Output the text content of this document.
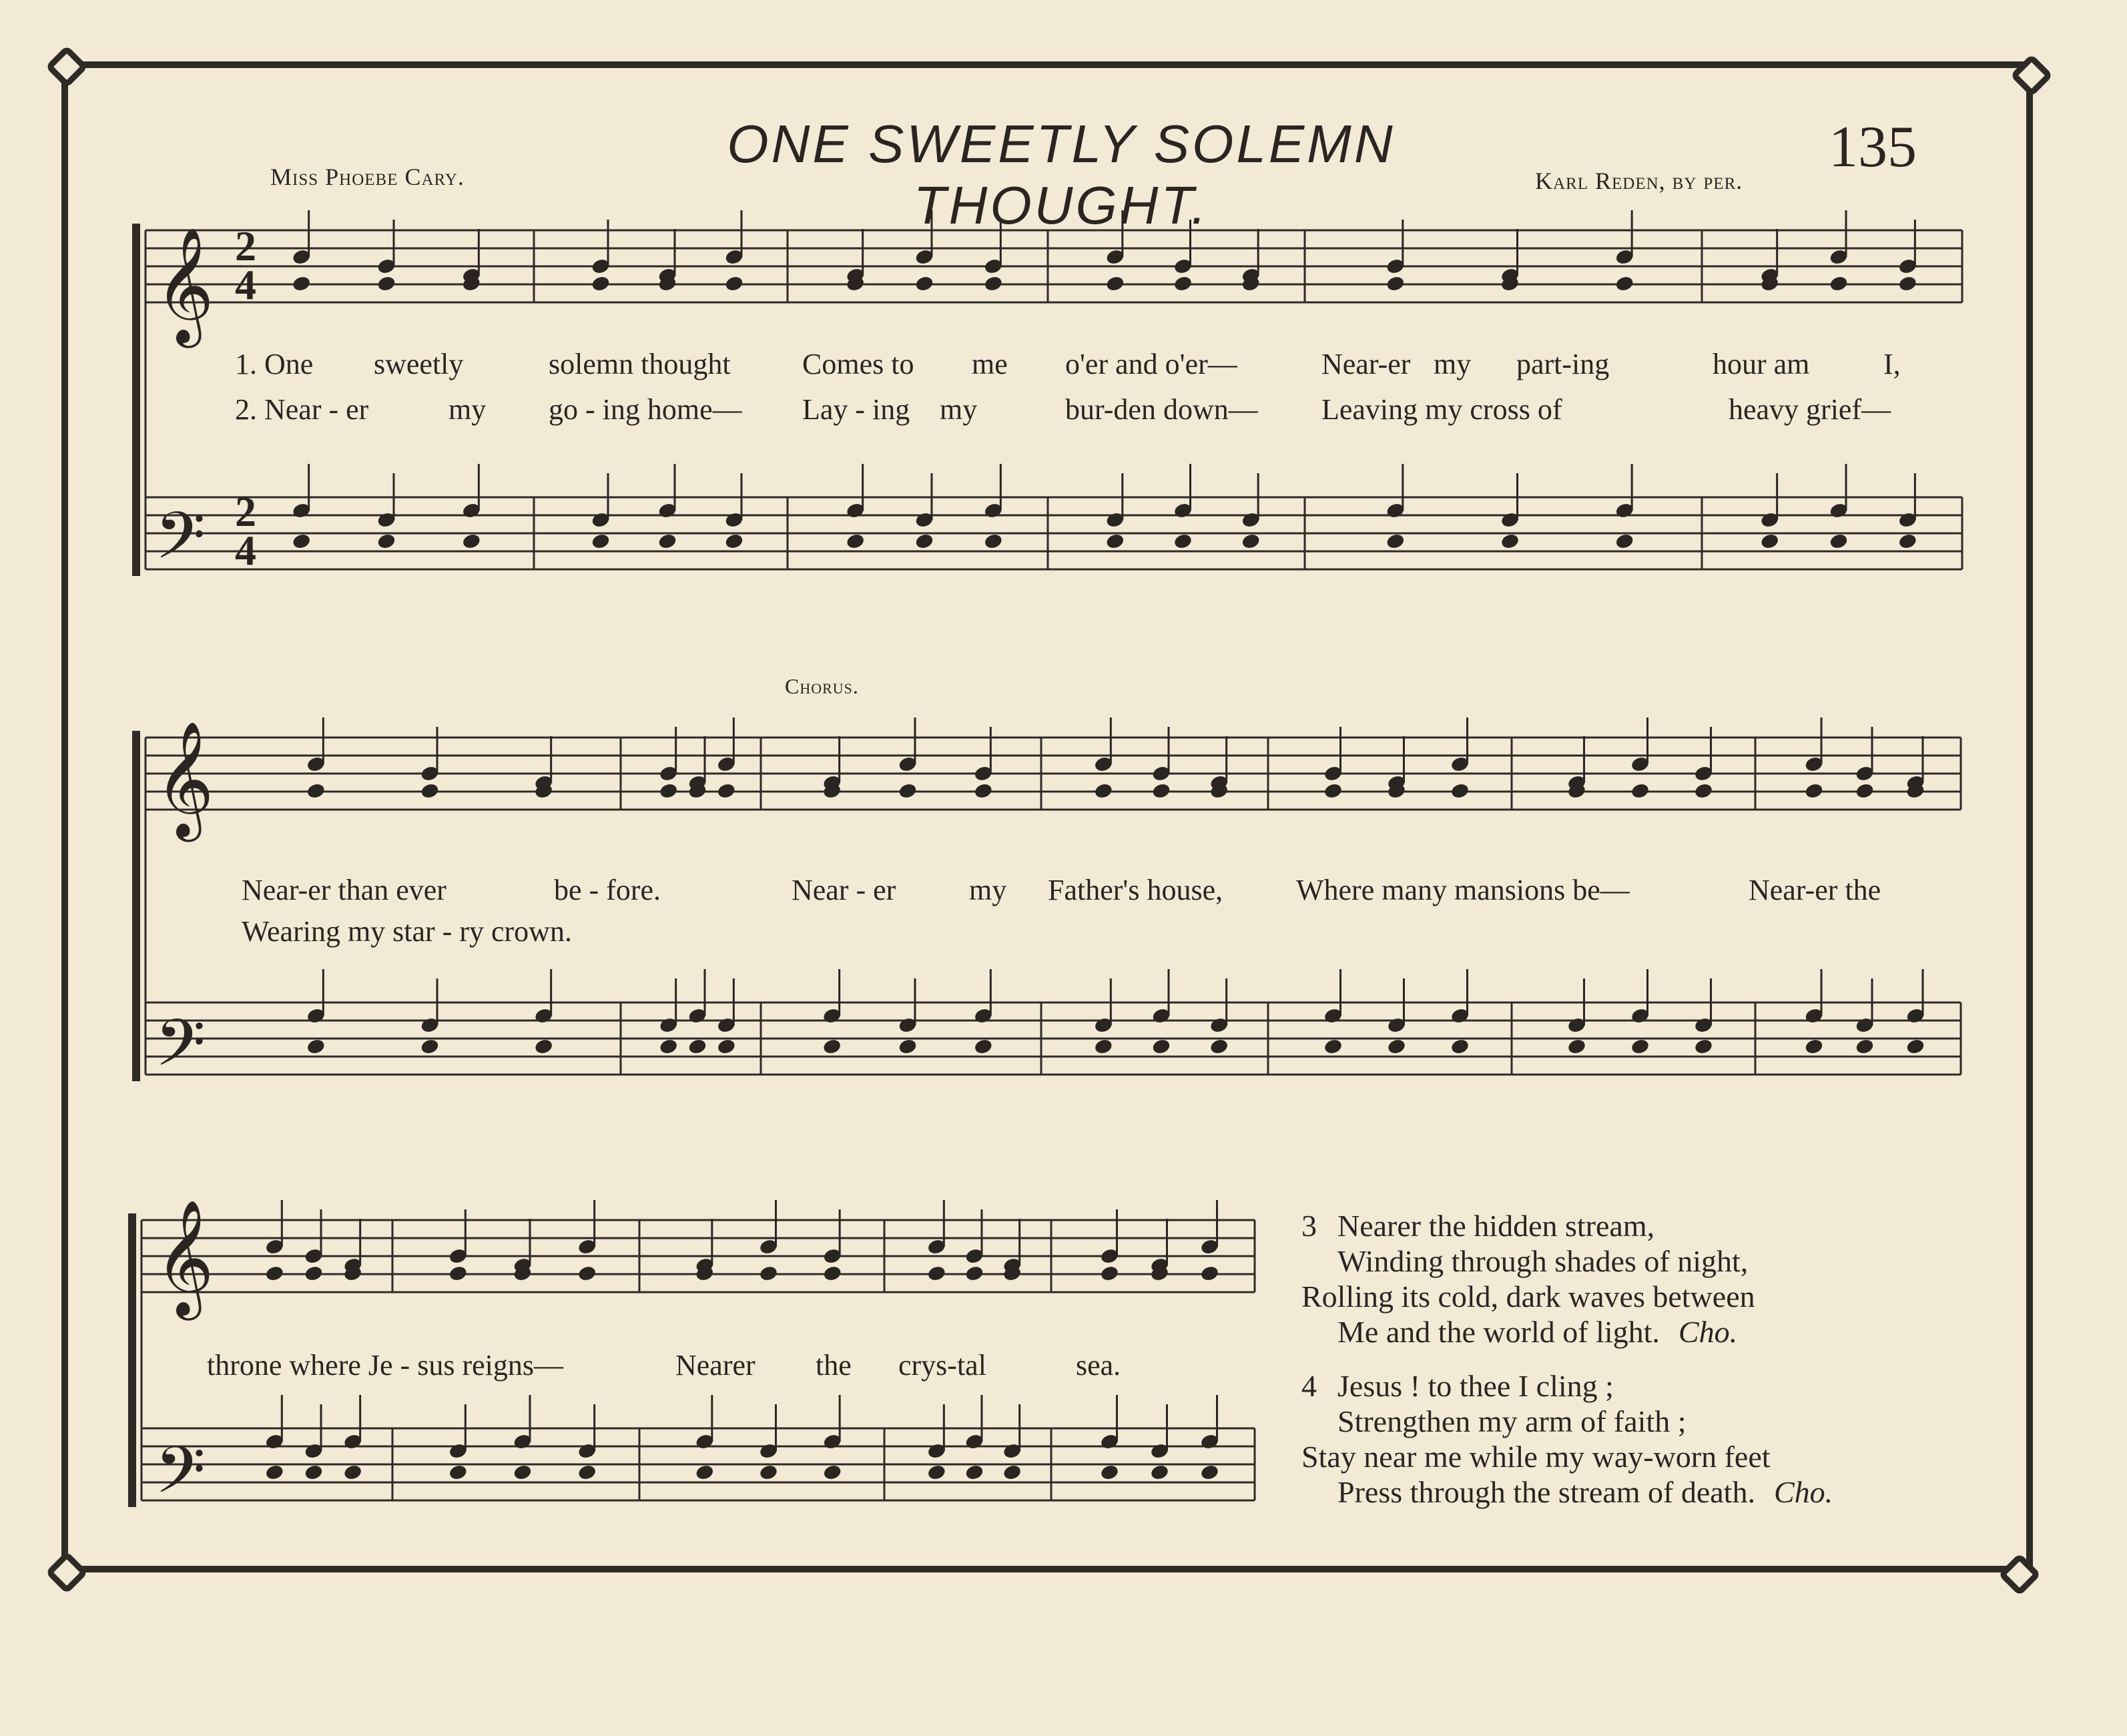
ONE SWEETLY SOLEMN THOUGHT.
135
Miss Phoebe Cary.	Karl Reden, by per.
𝄞
𝄢
𝄞
𝄢
𝄞
𝄢
2
4
2
4
1. One sweetly	solemn thought Comes to me o'er and o'er—	Near-er my part-ing	hour am	I,
2. Near - er	my go - ing home— Lay - ing my	bur-den down— Leaving my cross of	heavy grief—
Chorus.
Near-er than ever	be - fore.	Near - er my Father's house, Where many mansions be—	Near-er the
Wearing my star - ry crown.
throne where Je - sus reigns—	Nearer the crys-tal	sea.
3 Nearer the hidden stream,
Winding through shades of night,
Rolling its cold, dark waves between
Me and the world of light. Cho.
4 Jesus ! to thee I cling ;
Strengthen my arm of faith ;
Stay near me while my way-worn feet
Press through the stream of death. Cho.
